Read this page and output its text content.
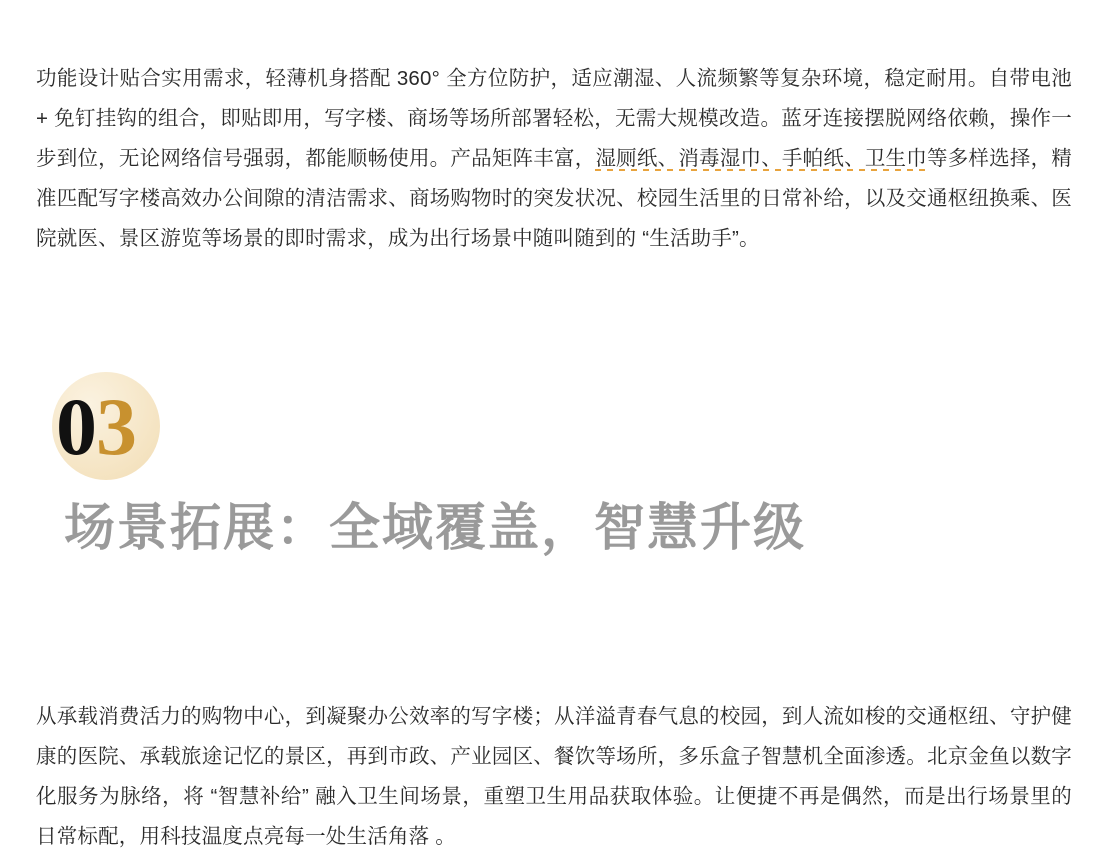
功能设计贴合实用需求，轻薄机身搭配 360° 全方位防护，适应潮湿、人流频繁等复杂环境，稳定耐用。自带电池 + 免钉挂钩的组合，即贴即用，写字楼、商场等场所部署轻松，无需大规模改造。蓝牙连接摆脱网络依赖，操作一步到位，无论网络信号强弱，都能顺畅使用。产品矩阵丰富，湿厕纸、消毒湿巾、手帕纸、卫生巾等多样选择，精准匹配写字楼高效办公间隙的清洁需求、商场购物时的突发状况、校园生活里的日常补给，以及交通枢纽换乘、医院就医、景区游览等场景的即时需求，成为出行场景中随叫随到的 “生活助手”。

03
场景拓展：全域覆盖，智慧升级

从承载消费活力的购物中心，到凝聚办公效率的写字楼；从洋溢青春气息的校园，到人流如梭的交通枢纽、守护健康的医院、承载旅途记忆的景区，再到市政、产业园区、餐饮等场所，多乐盒子智慧机全面渗透。北京金鱼以数字化服务为脉络，将 “智慧补给” 融入卫生间场景，重塑卫生用品获取体验。让便捷不再是偶然，而是出行场景里的日常标配，用科技温度点亮每一处生活角落 。
